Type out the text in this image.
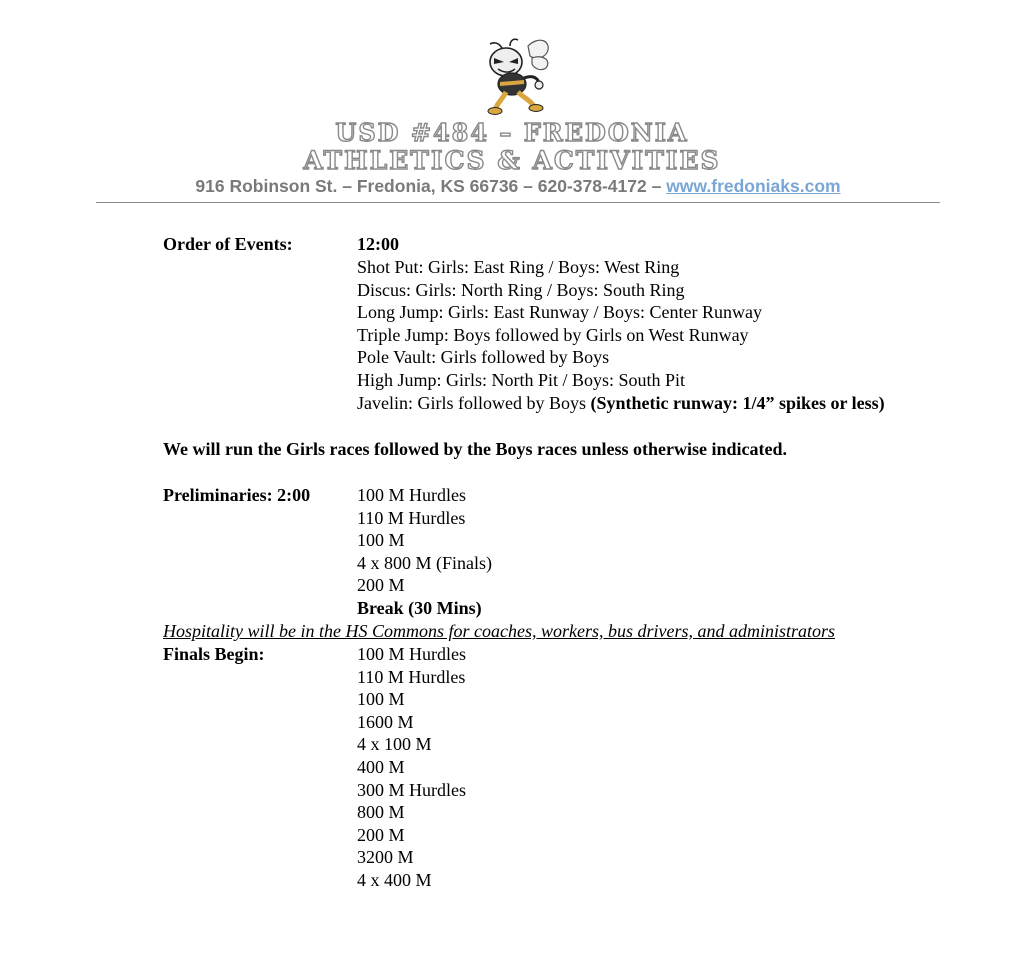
USD #484 – FREDONIA
ATHLETICS & ACTIVITIES
916 Robinson St. – Fredonia, KS 66736 – 620-378-4172 – www.fredoniaks.com
Order of Events:	12:00
Shot Put: Girls: East Ring / Boys: West Ring
Discus: Girls: North Ring / Boys: South Ring
Long Jump: Girls: East Runway / Boys: Center Runway
Triple Jump: Boys followed by Girls on West Runway
Pole Vault: Girls followed by Boys
High Jump: Girls: North Pit / Boys: South Pit
Javelin: Girls followed by Boys (Synthetic runway: 1/4” spikes or less)
We will run the Girls races followed by the Boys races unless otherwise indicated.
Preliminaries: 2:00	100 M Hurdles
110 M Hurdles
100 M
4 x 800 M (Finals)
200 M
Break (30 Mins)
Hospitality will be in the HS Commons for coaches, workers, bus drivers, and administrators
Finals Begin:	100 M Hurdles
110 M Hurdles
100 M
1600 M
4 x 100 M
400 M
300 M Hurdles
800 M
200 M
3200 M
4 x 400 M
